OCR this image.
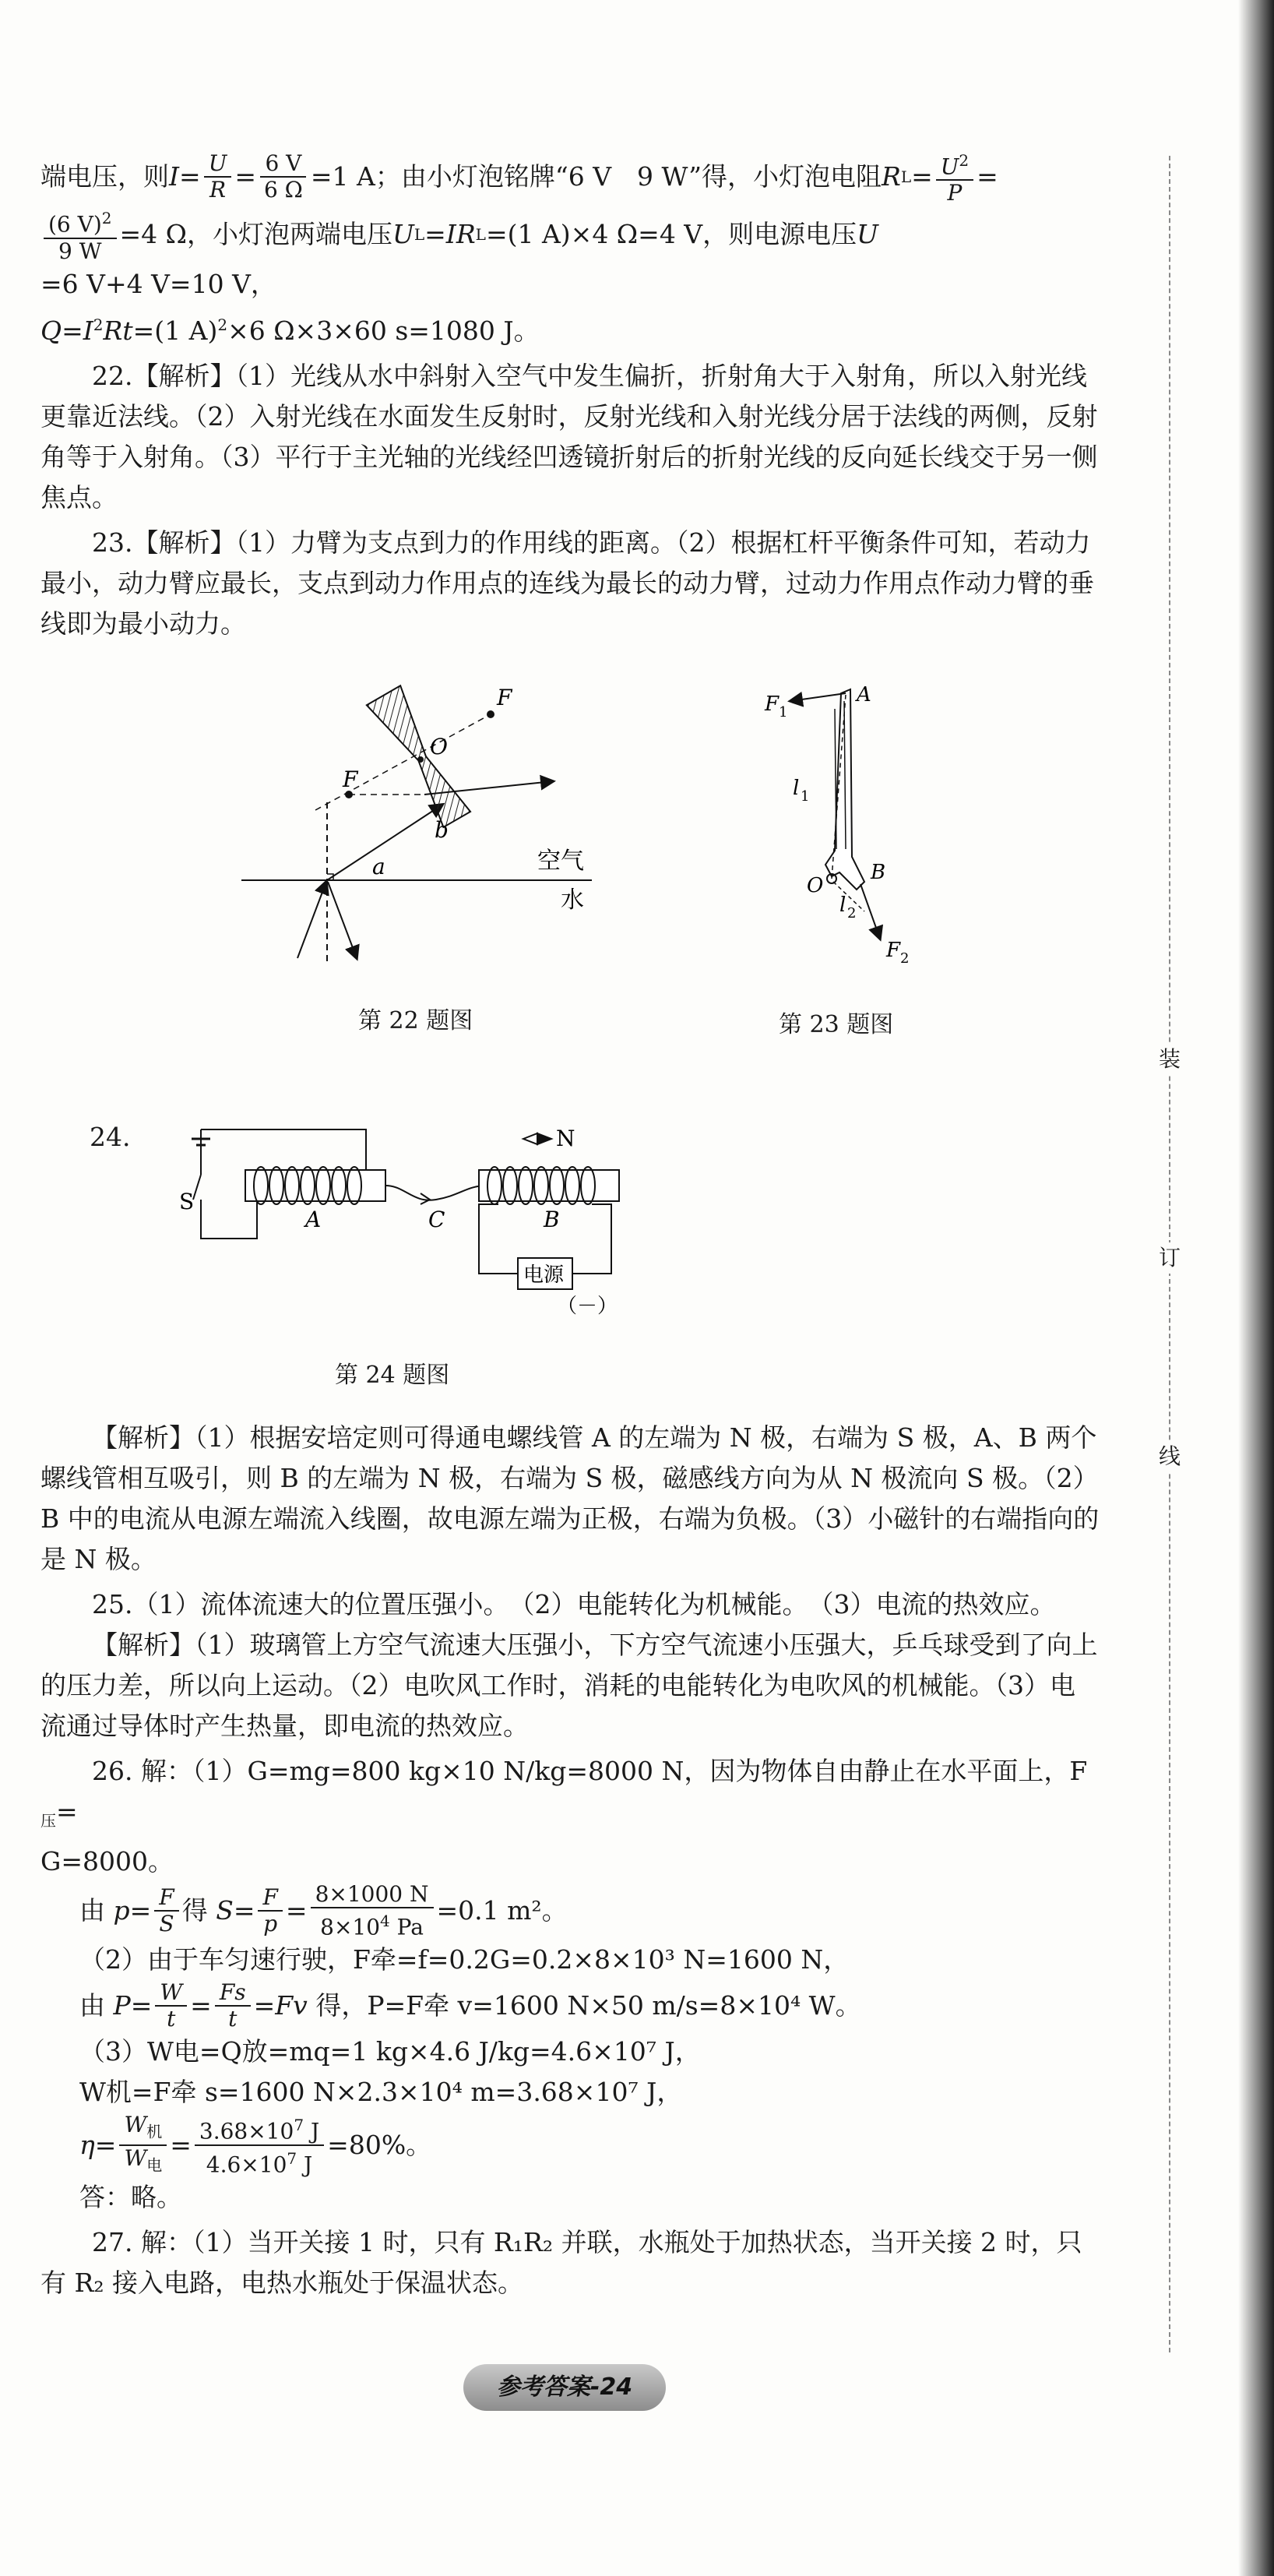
装
订
线
端电压，则 $I = \frac{U}{R} = \frac{6 V}{6 \Omega} =1$ A；由小灯泡铭牌“6 V　9 W”得，小灯泡电阻 R $L = \frac{U^2}{P}$ =
$\frac{(6 V)^2}{9 W} =4$ Ω，小灯泡两端电压 U L = IR L =(1 A)×4 Ω=4 V，则电源电压 U
=6 V+4 V=10 V，
$Q=I^2Rt=(1$ A)$^2$×6 Ω×3×60 s=1080 J。

22.【解析】（1）光线从水中斜射入空气中发生偏折，折射角大于入射角，所以入射光线更靠近法线。（2）入射光线在水面发生反射时，反射光线和入射光线分居于法线的两侧，反射角等于入射角。（3）平行于主光轴的光线经凹透镜折射后的折射光线的反向延长线交于另一侧焦点。

23.【解析】（1）力臂为支点到力的作用线的距离。（2）根据杠杆平衡条件可知，若动力最小，动力臂应最长，支点到动力作用点的连线为最长的动力臂，过动力作用点作动力臂的垂线即为最小动力。

O
F
F
a
b
空气
水
第 22 题图
F 1
A
l 1
O
B
l 2
F 2
第 23 题图
24.
S
A	B
C
N
电源
（－）
第 24 题图

【解析】（1）根据安培定则可得通电螺线管 A 的左端为 N 极，右端为 S 极，A、B 两个螺线管相互吸引，则 B 的左端为 N 极，右端为 S 极，磁感线方向为从 N 极流向 S 极。（2）B 中的电流从电源左端流入线圈，故电源左端为正极，右端为负极。（3）小磁针的右端指向的是 N 极。

25.（1）流体流速大的位置压强小。　（2）电能转化为机械能。　（3）电流的热效应。

【解析】（1）玻璃管上方空气流速大压强小，下方空气流速小压强大，乒乓球受到了向上的压力差，所以向上运动。（2）电吹风工作时，消耗的电能转化为电吹风的机械能。（3）电流通过导体时产生热量，即电流的热效应。

26. 解：（1）G=mg=800 kg×10 N/kg=8000 N，因为物体自由静止在水平面上，$F_压=$
G=8000。
由
$p = \frac{F}{S}$ 得
$S = \frac{F}{p} = \frac{8\times 1000 N}{8\times 10^4 Pa} =0.1$ m²。
（2）由于车匀速行驶，F牵=f=0.2G=0.2×8×10³ N=1600 N，
由
$P = \frac{W}{t} = \frac{Fs}{t} = Fv$
得，P=F牵 v=1600 N×50 m/s=8×10⁴ W。
（3）W电=Q放=mq=1 kg×4.6 J/kg=4.6×10⁷ J，
W机=F牵 s=1600 N×2.3×10⁴ m=3.68×10⁷ J，
$\eta = \frac{W_机}{W_电} = \frac{3.68\times 10^7 J}{4.6\times 10^7 J} =80\%$。
答：略。

27. 解：（1）当开关接 1 时，只有 R₁R₂ 并联，水瓶处于加热状态，当开关接 2 时，只有 R₂ 接入电路，电热水瓶处于保温状态。

参考答案-24
